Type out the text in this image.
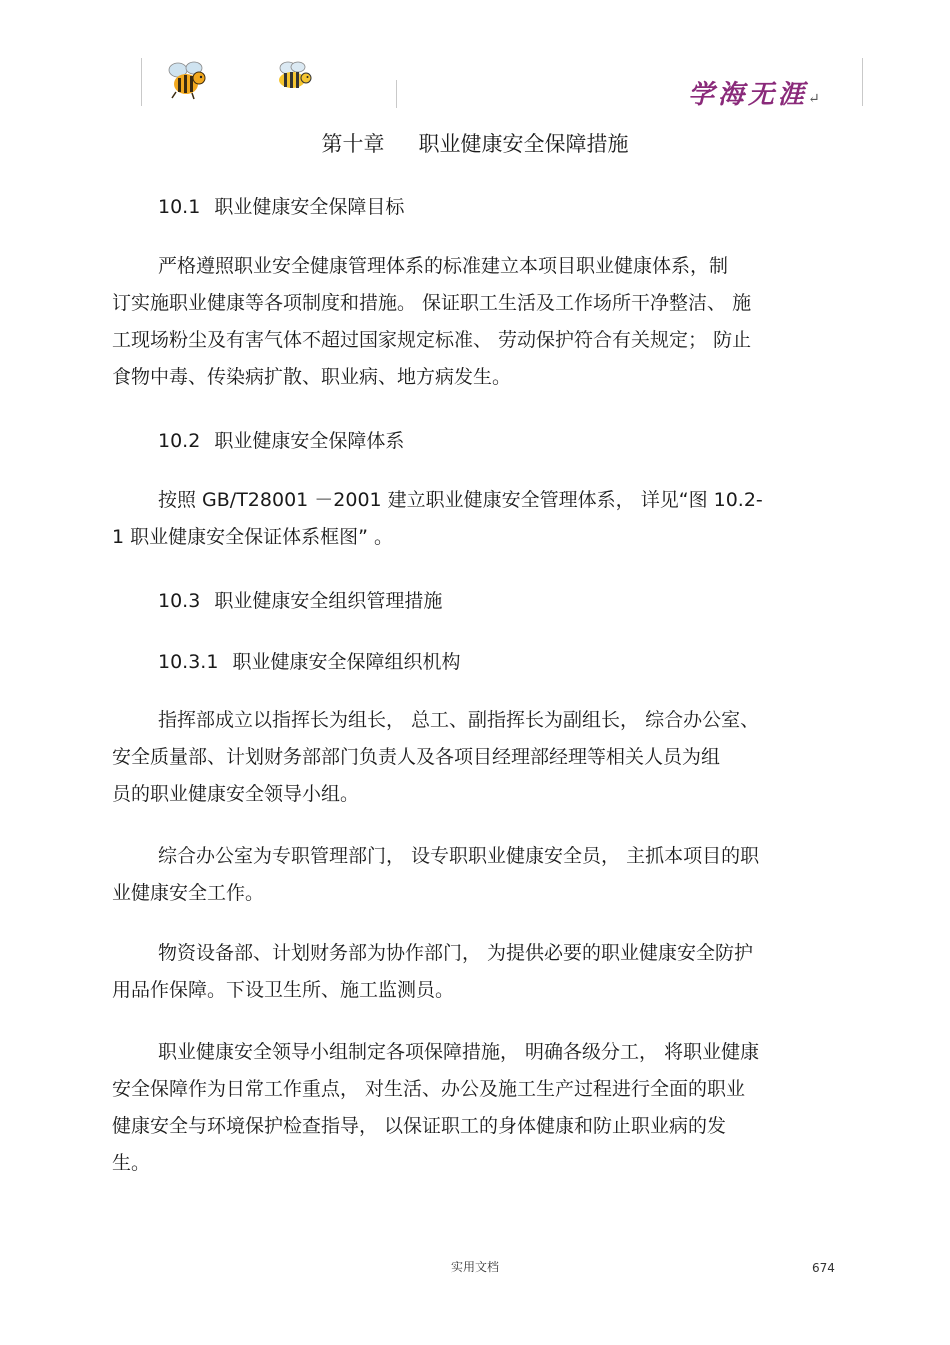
学海无涯↵
第十章 职业健康安全保障措施
10.1 职业健康安全保障目标
严格遵照职业安全健康管理体系的标准建立本项目职业健康体系，制
订实施职业健康等各项制度和措施。 保证职工生活及工作场所干净整洁、 施
工现场粉尘及有害气体不超过国家规定标准、 劳动保护符合有关规定； 防止
食物中毒、传染病扩散、职业病、地方病发生。
10.2 职业健康安全保障体系
按照 GB/T28001 －2001 建立职业健康安全管理体系， 详见“图 10.2-
1 职业健康安全保证体系框图” 。
10.3 职业健康安全组织管理措施
10.3.1 职业健康安全保障组织机构
指挥部成立以指挥长为组长， 总工、副指挥长为副组长， 综合办公室、
安全质量部、计划财务部部门负责人及各项目经理部经理等相关人员为组
员的职业健康安全领导小组。
综合办公室为专职管理部门， 设专职职业健康安全员， 主抓本项目的职
业健康安全工作。
物资设备部、计划财务部为协作部门， 为提供必要的职业健康安全防护
用品作保障。下设卫生所、施工监测员。
职业健康安全领导小组制定各项保障措施， 明确各级分工， 将职业健康
安全保障作为日常工作重点， 对生活、办公及施工生产过程进行全面的职业
健康安全与环境保护检查指导， 以保证职工的身体健康和防止职业病的发
生。
实用文档	674
